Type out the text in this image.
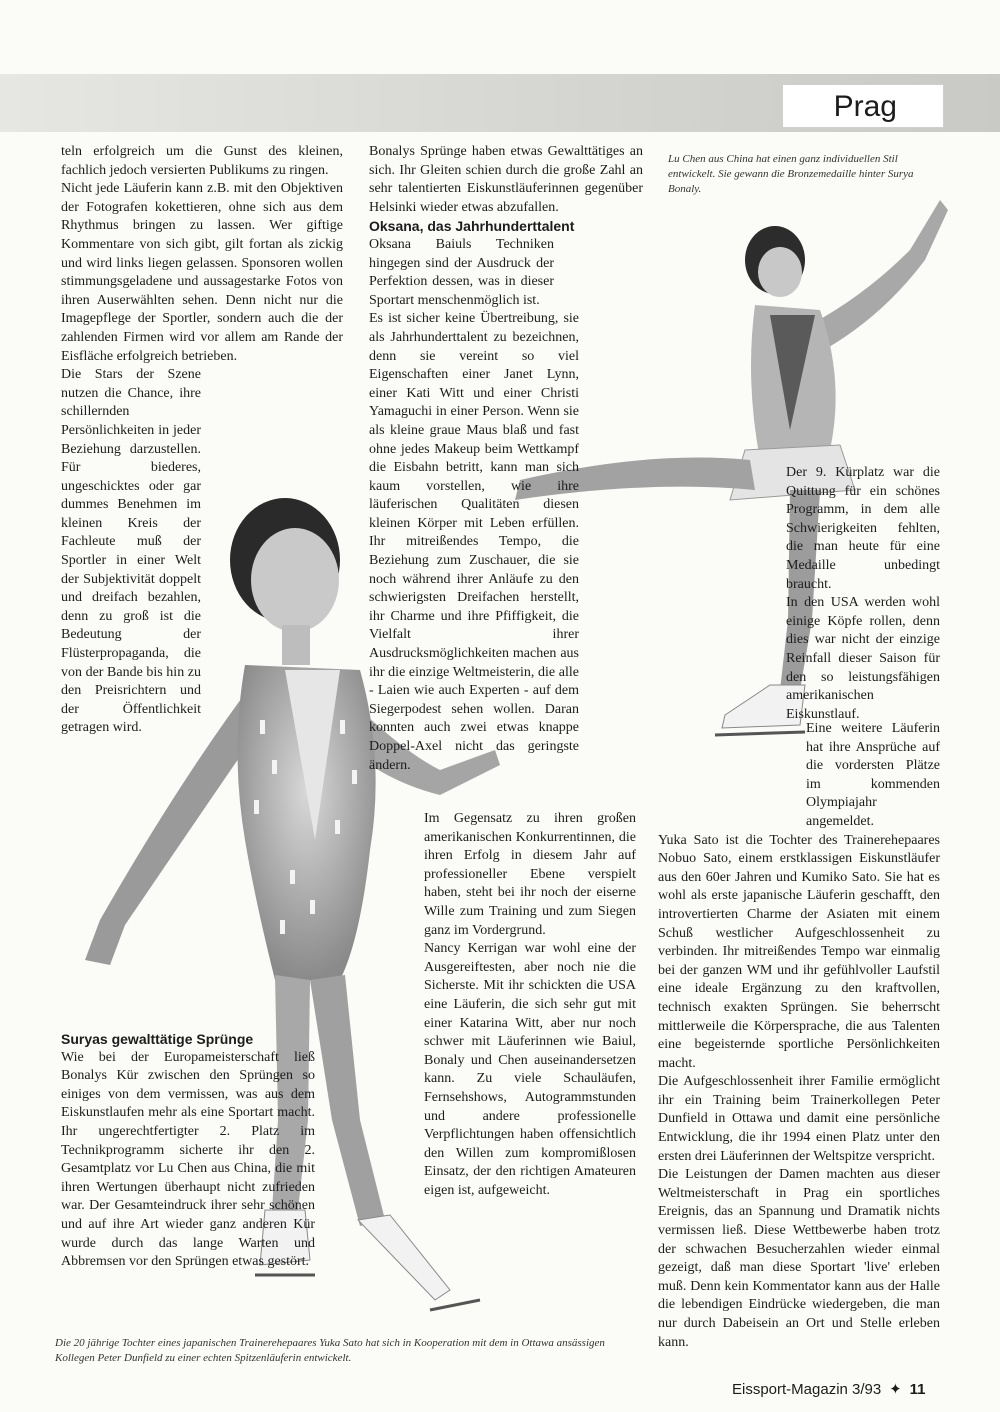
Prag

teln erfolgreich um die Gunst des kleinen, fachlich jedoch versierten Publikums zu ringen.

Nicht jede Läuferin kann z.B. mit den Objektiven der Fotografen kokettieren, ohne sich aus dem Rhythmus bringen zu lassen. Wer giftige Kommentare von sich gibt, gilt fortan als zickig und wird links liegen gelassen. Sponsoren wollen stimmungsgeladene und aussagestarke Fotos von ihren Auserwählten sehen. Denn nicht nur die Imagepflege der Sportler, sondern auch die der zahlenden Firmen wird vor allem am Rande der Eisfläche erfolgreich betrieben.

Die Stars der Szene nutzen die Chance, ihre schillernden Persönlichkeiten in jeder Beziehung darzustellen. Für biederes, ungeschicktes oder gar dummes Benehmen im kleinen Kreis der Fachleute muß der Sportler in einer Welt der Subjektivität doppelt und dreifach bezahlen, denn zu groß ist die Bedeutung der Flüsterpropaganda, die von der Bande bis hin zu den Preisrichtern und der Öffentlichkeit getragen wird.

Suryas gewalttätige Sprünge

Wie bei der Europameisterschaft ließ Bonalys Kür zwischen den Sprüngen so einiges von dem vermissen, was aus dem Eiskunstlaufen mehr als eine Sportart macht. Ihr ungerechtfertigter 2. Platz im Technikprogramm sicherte ihr den 2. Gesamtplatz vor Lu Chen aus China, die mit ihren Wertungen überhaupt nicht zufrieden war. Der Gesamteindruck ihrer sehr schönen und auf ihre Art wieder ganz anderen Kür wurde durch das lange Warten und Abbremsen vor den Sprüngen etwas gestört.

Bonalys Sprünge haben etwas Gewalttätiges an sich. Ihr Gleiten schien durch die große Zahl an sehr talentierten Eiskunstläuferinnen gegenüber Helsinki wieder etwas abzufallen.

Oksana, das Jahrhunderttalent

Oksana Baiuls Techniken hingegen sind der Ausdruck der Perfektion dessen, was in dieser Sportart menschenmöglich ist.

Es ist sicher keine Übertreibung, sie als Jahrhunderttalent zu bezeichnen, denn sie vereint so viel Eigenschaften einer Janet Lynn, einer Kati Witt und einer Christi Yamaguchi in einer Person. Wenn sie als kleine graue Maus blaß und fast ohne jedes Makeup beim Wettkampf die Eisbahn betritt, kann man sich kaum vorstellen, wie ihre läuferischen Qualitäten diesen kleinen Körper mit Leben erfüllen. Ihr mitreißendes Tempo, die Beziehung zum Zuschauer, die sie noch während ihrer Anläufe zu den schwierigsten Dreifachen herstellt, ihr Charme und ihre Pfiffigkeit, die Vielfalt ihrer Ausdrucksmöglichkeiten machen aus ihr die einzige Weltmeisterin, die alle - Laien wie auch Experten - auf dem Siegerpodest sehen wollen. Daran konnten auch zwei etwas knappe Doppel-Axel nicht das geringste ändern.

Im Gegensatz zu ihren großen amerikanischen Konkurrentinnen, die ihren Erfolg in diesem Jahr auf professioneller Ebene verspielt haben, steht bei ihr noch der eiserne Wille zum Training und zum Siegen ganz im Vordergrund.

Nancy Kerrigan war wohl eine der Ausgereiftesten, aber noch nie die Sicherste. Mit ihr schickten die USA eine Läuferin, die sich sehr gut mit einer Katarina Witt, aber nur noch schwer mit Läuferinnen wie Baiul, Bonaly und Chen auseinandersetzen kann. Zu viele Schauläufen, Fernsehshows, Autogrammstunden und andere professionelle Verpflichtungen haben offensichtlich den Willen zum kompromißlosen Einsatz, der den richtigen Amateuren eigen ist, aufgeweicht.

Lu Chen aus China hat einen ganz individuellen Stil entwickelt. Sie gewann die Bronzemedaille hinter Surya Bonaly.

Der 9. Kürplatz war die Quittung für ein schönes Programm, in dem alle Schwierigkeiten fehlten, die man heute für eine Medaille unbedingt braucht.

In den USA werden wohl einige Köpfe rollen, denn dies war nicht der einzige Reinfall dieser Saison für den so leistungsfähigen amerikanischen Eiskunstlauf.

Eine weitere Läuferin hat ihre Ansprüche auf die vordersten Plätze im kommenden Olympiajahr angemeldet.

Yuka Sato ist die Tochter des Trainerehepaares Nobuo Sato, einem erstklassigen Eiskunstläufer aus den 60er Jahren und Kumiko Sato. Sie hat es wohl als erste japanische Läuferin geschafft, den introvertierten Charme der Asiaten mit einem Schuß westlicher Aufgeschlossenheit zu verbinden. Ihr mitreißendes Tempo war einmalig bei der ganzen WM und ihr gefühlvoller Laufstil eine ideale Ergänzung zu den kraftvollen, technisch exakten Sprüngen. Sie beherrscht mittlerweile die Körpersprache, die aus Talenten eine begeisternde sportliche Persönlichkeiten macht.

Die Aufgeschlossenheit ihrer Familie ermöglicht ihr ein Training beim Trainerkollegen Peter Dunfield in Ottawa und damit eine persönliche Entwicklung, die ihr 1994 einen Platz unter den ersten drei Läuferinnen der Weltspitze verspricht.

Die Leistungen der Damen machten aus dieser Weltmeisterschaft in Prag ein sportliches Ereignis, das an Spannung und Dramatik nichts vermissen ließ. Diese Wettbewerbe haben trotz der schwachen Besucherzahlen wieder einmal gezeigt, daß man diese Sportart 'live' erleben muß. Denn kein Kommentator kann aus der Halle die lebendigen Eindrücke wiedergeben, die man nur durch Dabeisein an Ort und Stelle erleben kann.

Die 20 jährige Tochter eines japanischen Trainerehepaares Yuka Sato hat sich in Kooperation mit dem in Ottawa ansässigen Kollegen Peter Dunfield zu einer echten Spitzenläuferin entwickelt.
Eissport-Magazin 3/93 ✦ 11
